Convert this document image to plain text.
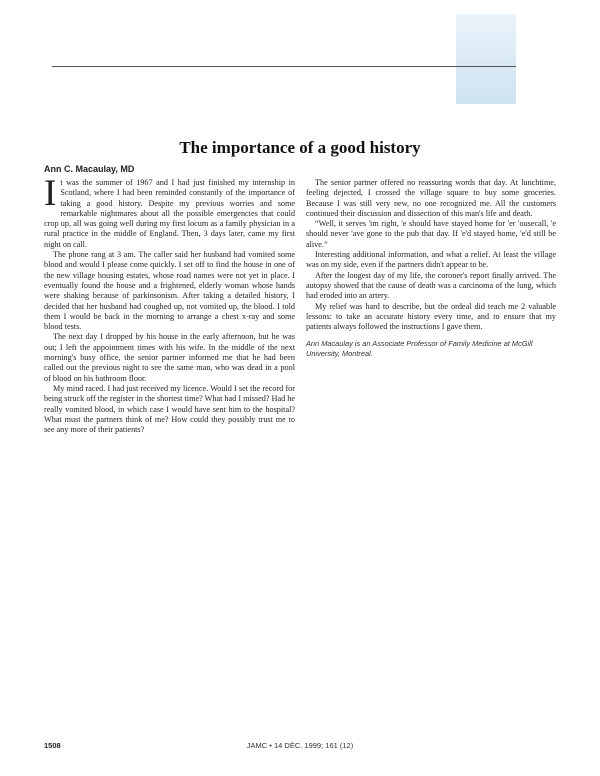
The importance of a good history

Ann C. Macaulay, MD

It was the summer of 1967 and I had just finished my internship in Scotland, where I had been reminded constantly of the importance of taking a good history. Despite my previous worries and some remarkable nightmares about all the possible emergencies that could crop up, all was going well during my first locum as a family physician in a rural practice in the middle of England. Then, 3 days later, came my first night on call.

The phone rang at 3 am. The caller said her husband had vomited some blood and would I please come quickly. I set off to find the house in one of the new village housing estates, whose road names were not yet in place. I eventually found the house and a frightened, elderly woman whose hands were shaking because of parkinsonism. After taking a detailed history, I decided that her husband had coughed up, not vomited up, the blood. I told them I would be back in the morning to arrange a chest x-ray and some blood tests.

The next day I dropped by his house in the early afternoon, but he was out; I left the appointment times with his wife. In the middle of the next morning's busy office, the senior partner informed me that he had been called out the previous night to see the same man, who was dead in a pool of blood on his bathroom floor.

My mind raced. I had just received my licence. Would I set the record for being struck off the register in the shortest time? What had I missed? Had he really vomited blood, in which case I would have sent him to the hospital? What must the partners think of me? How could they possibly trust me to see any more of their patients?

The senior partner offered no reassuring words that day. At lunchtime, feeling dejected, I crossed the village square to buy some groceries. Because I was still very new, no one recognized me. All the customers continued their discussion and dissection of this man's life and death.

“Well, it serves 'im right, 'e should have stayed home for 'er 'ousecall, 'e should never 'ave gone to the pub that day. If 'e'd stayed home, 'e'd still be alive.”

Interesting additional information, and what a relief. At least the village was on my side, even if the partners didn't appear to be.

After the longest day of my life, the coroner's report finally arrived. The autopsy showed that the cause of death was a carcinoma of the lung, which had eroded into an artery.

My relief was hard to describe, but the ordeal did teach me 2 valuable lessons: to take an accurate history every time, and to ensure that my patients always followed the instructions I gave them.

Ann Macaulay is an Associate Professor of Family Medicine at McGill University, Montreal.

1508	JAMC • 14 DÉC. 1999; 161 (12)
